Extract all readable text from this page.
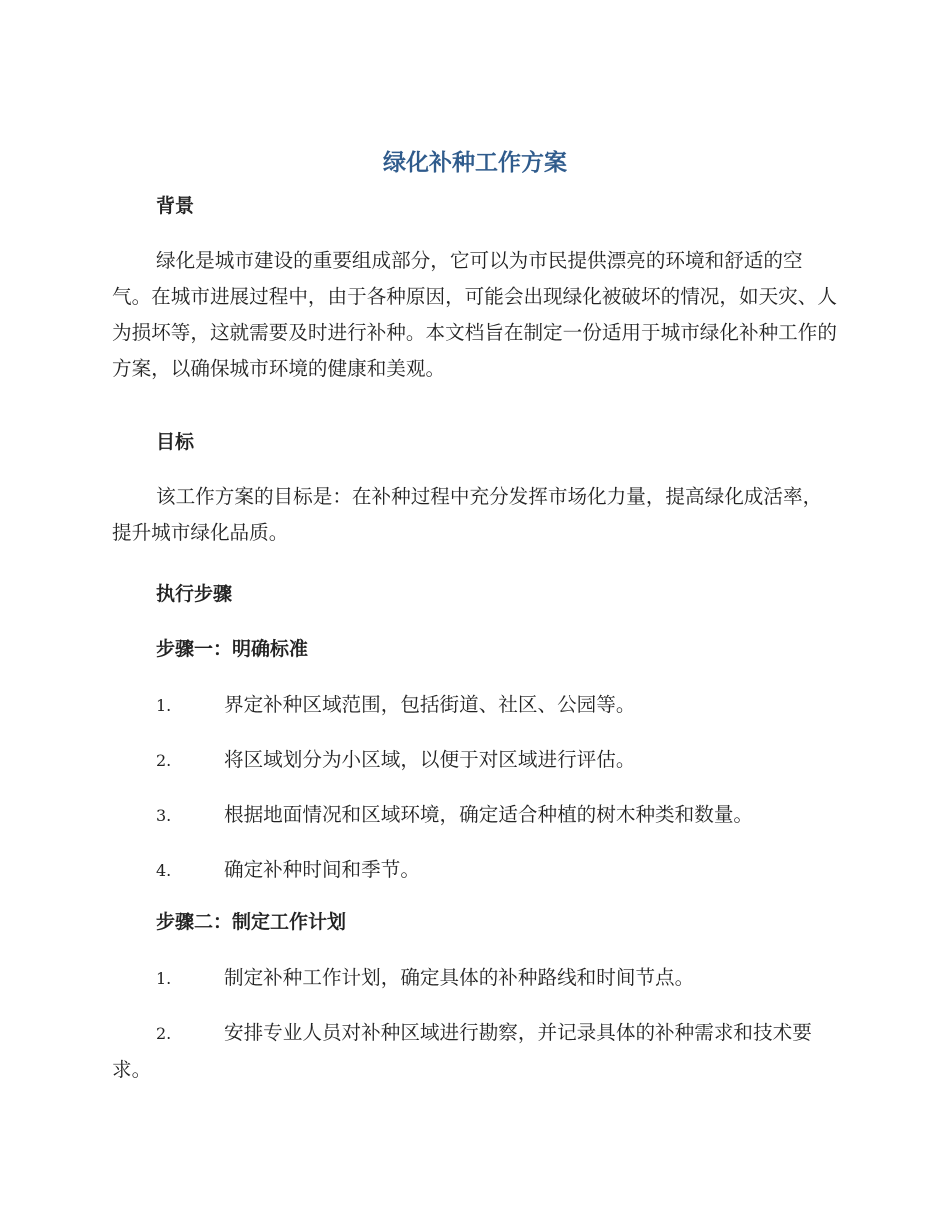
绿化补种工作方案
背景
绿化是城市建设的重要组成部分，它可以为市民提供漂亮的环境和舒适的空气。在城市进展过程中，由于各种原因，可能会出现绿化被破坏的情况，如天灾、人为损坏等，这就需要及时进行补种。本文档旨在制定一份适用于城市绿化补种工作的方案，以确保城市环境的健康和美观。
目标
该工作方案的目标是：在补种过程中充分发挥市场化力量，提高绿化成活率，提升城市绿化品质。
执行步骤
步骤一：明确标准
1.	界定补种区域范围，包括街道、社区、公园等。
2.	将区域划分为小区域，以便于对区域进行评估。
3.	根据地面情况和区域环境，确定适合种植的树木种类和数量。
4.	确定补种时间和季节。
步骤二：制定工作计划
1.	制定补种工作计划，确定具体的补种路线和时间节点。
2.	安排专业人员对补种区域进行勘察，并记录具体的补种需求和技术要求。
